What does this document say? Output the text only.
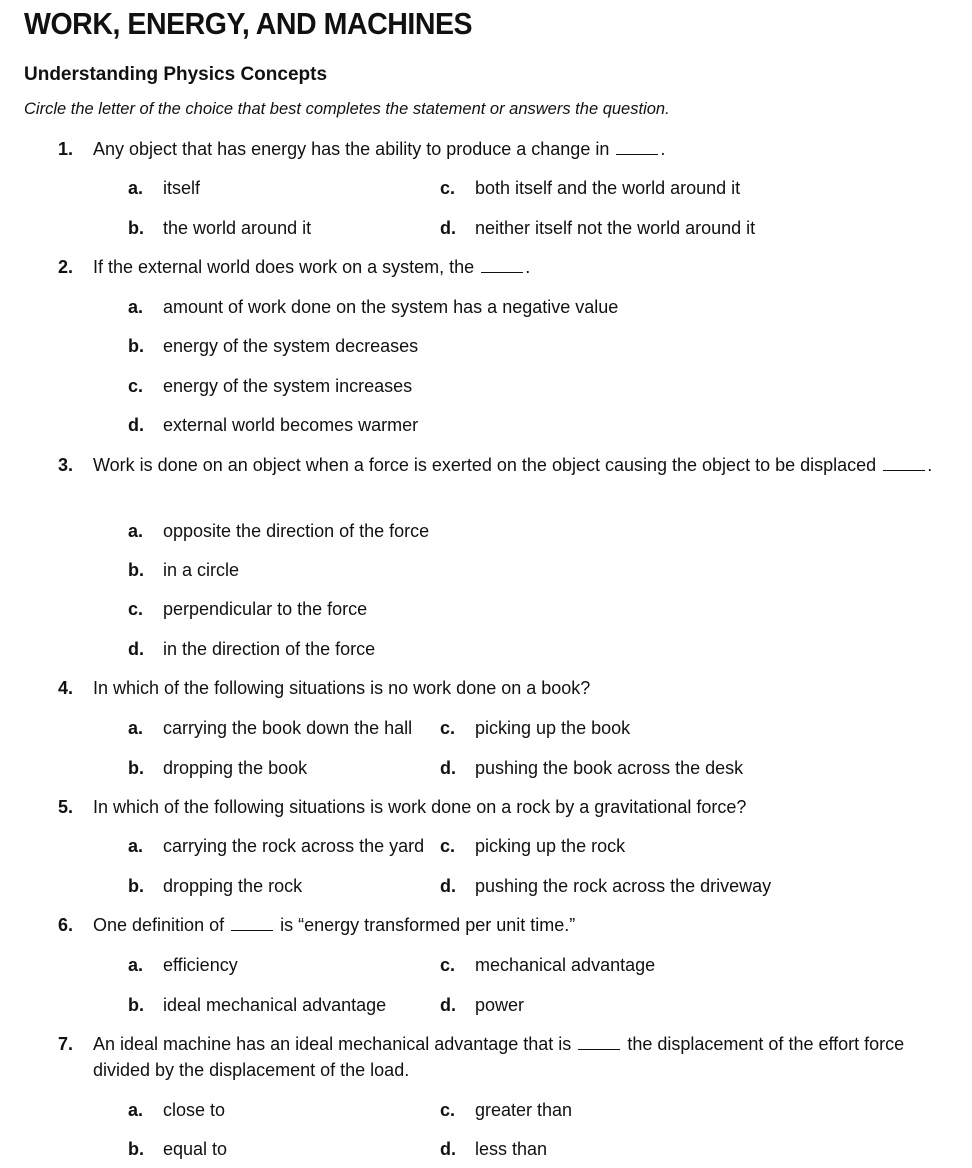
WORK, ENERGY, AND MACHINES
Understanding Physics Concepts
Circle the letter of the choice that best completes the statement or answers the question.
1. Any object that has energy has the ability to produce a change in	.
a. itself
b. the world around it
c. both itself and the world around it
d. neither itself not the world around it
2. If the external world does work on a system, the	.
a. amount of work done on the system has a negative value
b. energy of the system decreases
c. energy of the system increases
d. external world becomes warmer
3. Work is done on an object when a force is exerted on the object causing the object to be displaced	.
a. opposite the direction of the force
b. in a circle
c. perpendicular to the force
d. in the direction of the force
4. In which of the following situations is no work done on a book?
a. carrying the book down the hall
b. dropping the book
c. picking up the book
d. pushing the book across the desk
5. In which of the following situations is work done on a rock by a gravitational force?
a. carrying the rock across the yard
b. dropping the rock
c. picking up the rock
d. pushing the rock across the driveway
6. One definition of	is “energy transformed per unit time.”
a. efficiency
b. ideal mechanical advantage
c. mechanical advantage
d. power
7. An ideal machine has an ideal mechanical advantage that is	the displacement of the effort force divided by the displacement of the load.
a. close to
b. equal to
c. greater than
d. less than
